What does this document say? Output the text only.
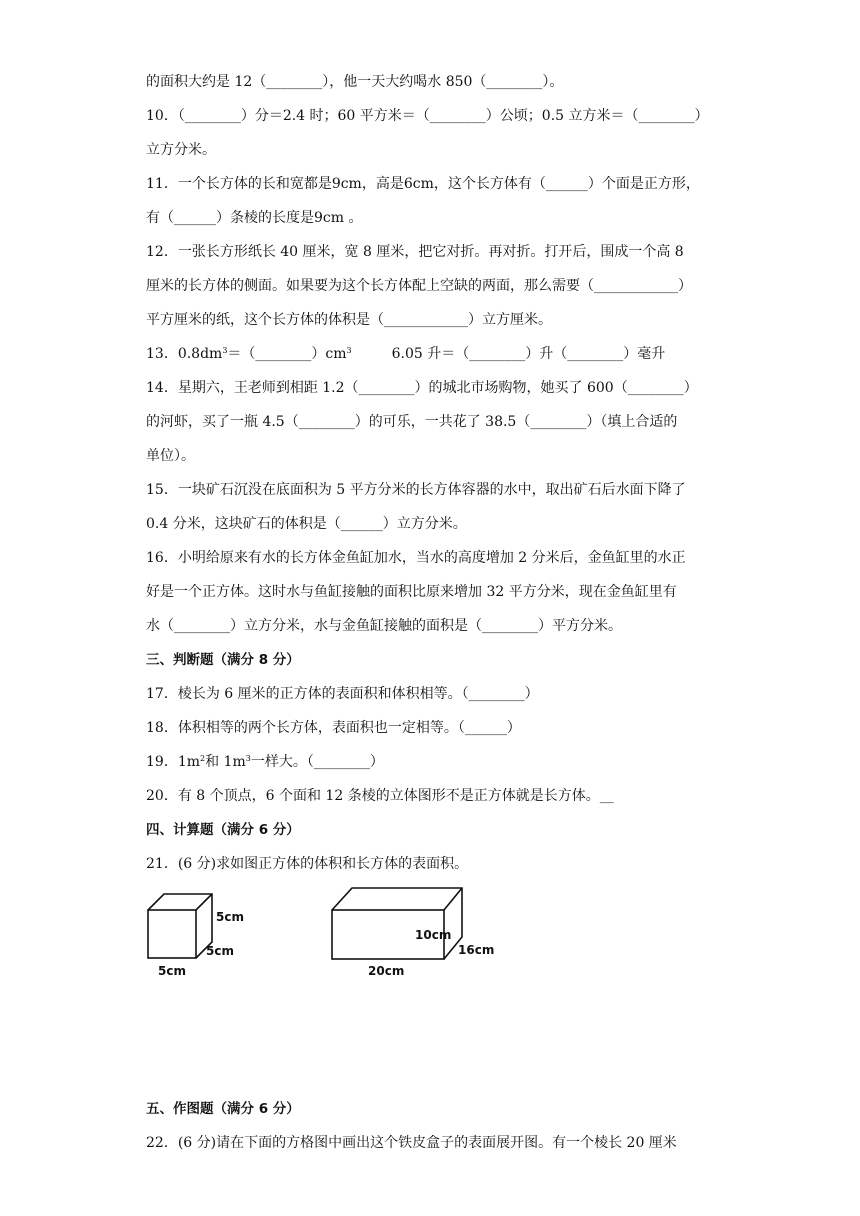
的面积大约是 12（________），他一天大约喝水 850（________）。
10．（________）分＝2.4 时；60 平方米＝（________）公顷；0.5 立方米＝（________）
立方分米。
11．一个长方体的长和宽都是9cm，高是6cm，这个长方体有（______）个面是正方形，
有（______）条棱的长度是9cm 。
12．一张长方形纸长 40 厘米，宽 8 厘米，把它对折。再对折。打开后，围成一个高 8
厘米的长方体的侧面。如果要为这个长方体配上空缺的两面，那么需要（____________）
平方厘米的纸，这个长方体的体积是（____________）立方厘米。
13．$0.8dm^3=(\_\_\_\_\_\_\_\_)cm^3$	6.05 升＝（________）升（________）毫升
14．星期六，王老师到相距 1.2（________）的城北市场购物，她买了 600（________）
的河虾，买了一瓶 4.5（________）的可乐，一共花了 38.5（________）（填上合适的
单位）。
15．一块矿石沉没在底面积为 5 平方分米的长方体容器的水中，取出矿石后水面下降了
0.4 分米，这块矿石的体积是（______）立方分米。
16．小明给原来有水的长方体金鱼缸加水，当水的高度增加 2 分米后，金鱼缸里的水正
好是一个正方体。这时水与鱼缸接触的面积比原来增加 32 平方分米，现在金鱼缸里有
水（________）立方分米，水与金鱼缸接触的面积是（________）平方分米。
三、判断题（满分 8 分）
17．棱长为 6 厘米的正方体的表面积和体积相等。（________）
18．体积相等的两个长方体，表面积也一定相等。（______）
19．$1m^2$和 $1m^3$一样大。（________）
20．有 8 个顶点，6 个面和 12 条棱的立体图形不是正方体就是长方体。__
四、计算题（满分 6 分）
21．(6 分)求如图正方体的体积和长方体的表面积。
5cm
5cm
5cm
10cm
16cm
20cm
五、作图题（满分 6 分）
22．(6 分)请在下面的方格图中画出这个铁皮盒子的表面展开图。有一个棱长 20 厘米
